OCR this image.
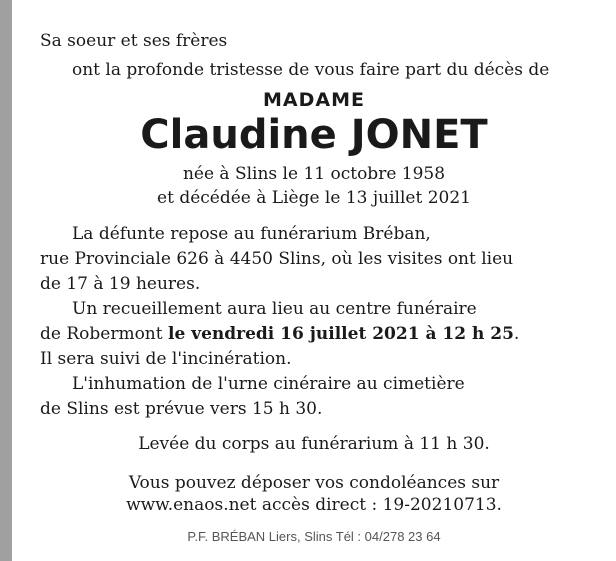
Sa soeur et ses frères
ont la profonde tristesse de vous faire part du décès de
MADAME
Claudine JONET
née à Slins le 11 octobre 1958
et décédée à Liège le 13 juillet 2021
La défunte repose au funérarium Bréban,
rue Provinciale 626 à 4450 Slins, où les visites ont lieu
de 17 à 19 heures.
Un recueillement aura lieu au centre funéraire
de Robermont le vendredi 16 juillet 2021 à 12 h 25.
Il sera suivi de l'incinération.
L'inhumation de l'urne cinéraire au cimetière
de Slins est prévue vers 15 h 30.
Levée du corps au funérarium à 11 h 30.
Vous pouvez déposer vos condoléances sur
www.enaos.net accès direct : 19-20210713.
P.F. BRÉBAN Liers, Slins Tél : 04/278 23 64
